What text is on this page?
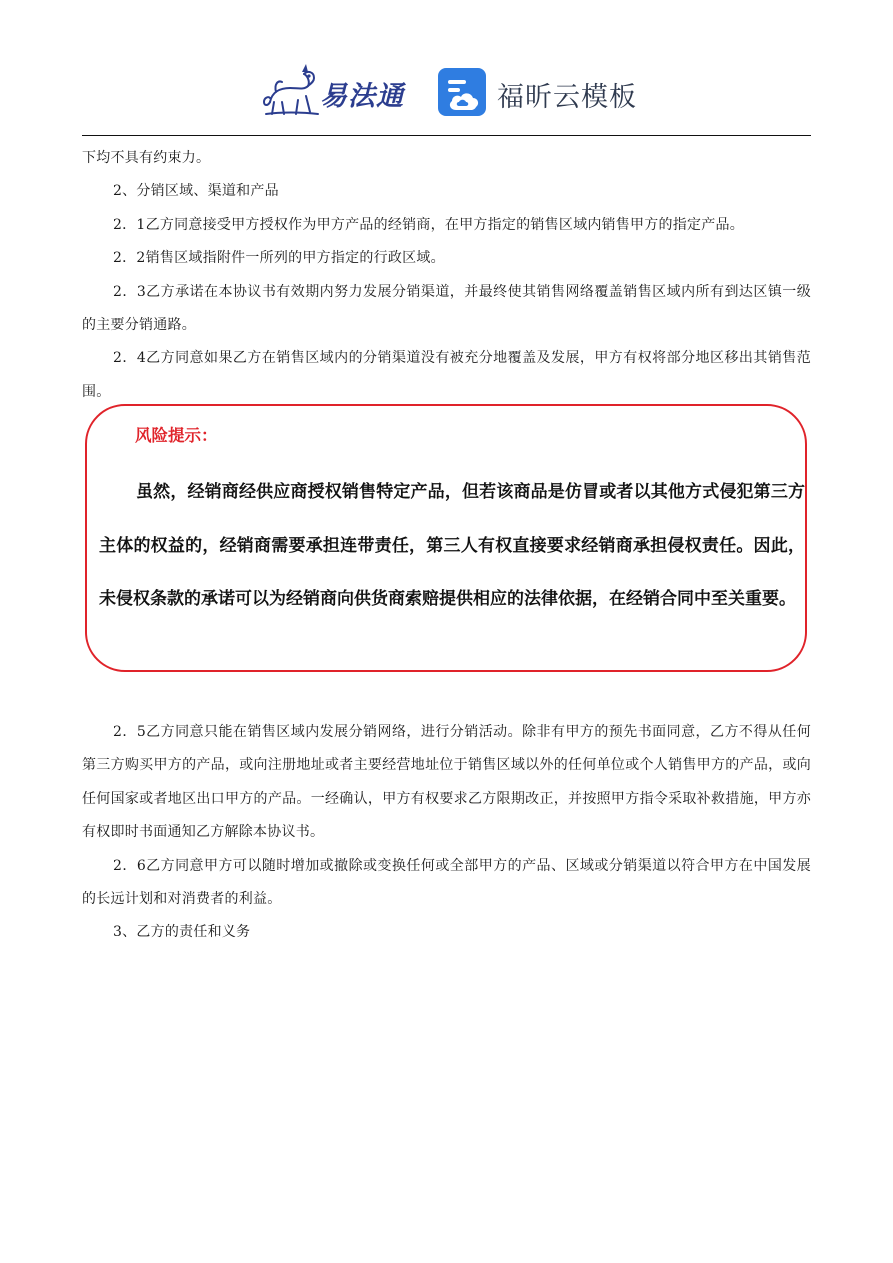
易法通	福昕云模板

下均不具有约束力。

2、分销区域、渠道和产品

2．1乙方同意接受甲方授权作为甲方产品的经销商，在甲方指定的销售区域内销售甲方的指定产品。

2．2销售区域指附件一所列的甲方指定的行政区域。

2．3乙方承诺在本协议书有效期内努力发展分销渠道，并最终使其销售网络覆盖销售区域内所有到达区镇一级的主要分销通路。

2．4乙方同意如果乙方在销售区域内的分销渠道没有被充分地覆盖及发展，甲方有权将部分地区移出其销售范围。

风险提示：

虽然，经销商经供应商授权销售特定产品，但若该商品是仿冒或者以其他方式侵犯第三方主体的权益的，经销商需要承担连带责任，第三人有权直接要求经销商承担侵权责任。因此，未侵权条款的承诺可以为经销商向供货商索赔提供相应的法律依据，在经销合同中至关重要。

2．5乙方同意只能在销售区域内发展分销网络，进行分销活动。除非有甲方的预先书面同意，乙方不得从任何第三方购买甲方的产品，或向注册地址或者主要经营地址位于销售区域以外的任何单位或个人销售甲方的产品，或向任何国家或者地区出口甲方的产品。一经确认，甲方有权要求乙方限期改正，并按照甲方指令采取补救措施，甲方亦有权即时书面通知乙方解除本协议书。

2．6乙方同意甲方可以随时增加或撤除或变换任何或全部甲方的产品、区域或分销渠道以符合甲方在中国发展的长远计划和对消费者的利益。

3、乙方的责任和义务
